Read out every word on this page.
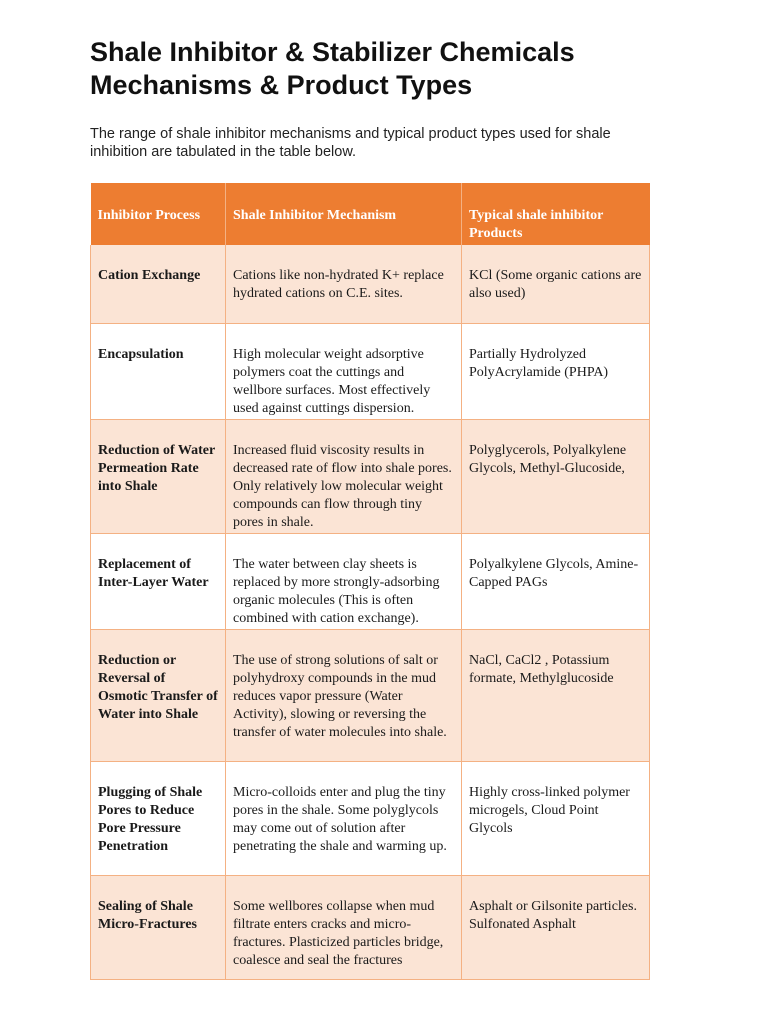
Shale Inhibitor & Stabilizer Chemicals
Mechanisms & Product Types

The range of shale inhibitor mechanisms and typical product types used for shale
inhibition are tabulated in the table below.

Inhibitor Process	Shale Inhibitor Mechanism	Typical shale inhibitor Products
Cation Exchange	Cations like non-hydrated K+ replace hydrated cations on C.E. sites.	KCl (Some organic cations are also used)
Encapsulation	High molecular weight adsorptive polymers coat the cuttings and wellbore surfaces. Most effectively used against cuttings dispersion.	Partially Hydrolyzed PolyAcrylamide (PHPA)
Reduction of Water Permeation Rate into Shale	Increased fluid viscosity results in decreased rate of flow into shale pores. Only relatively low molecular weight compounds can flow through tiny pores in shale.	Polyglycerols, Polyalkylene Glycols, Methyl-Glucoside,
Replacement of Inter-Layer Water	The water between clay sheets is replaced by more strongly-adsorbing organic molecules (This is often combined with cation exchange).	Polyalkylene Glycols, Amine-Capped PAGs
Reduction or Reversal of Osmotic Transfer of Water into Shale	The use of strong solutions of salt or polyhydroxy compounds in the mud reduces vapor pressure (Water Activity), slowing or reversing the transfer of water molecules into shale.	NaCl, CaCl2 , Potassium formate, Methylglucoside
Plugging of Shale Pores to Reduce Pore Pressure Penetration	Micro-colloids enter and plug the tiny pores in the shale. Some polyglycols may come out of solution after penetrating the shale and warming up.	Highly cross-linked polymer microgels, Cloud Point Glycols
Sealing of Shale Micro-Fractures	Some wellbores collapse when mud filtrate enters cracks and micro-fractures. Plasticized particles bridge, coalesce and seal the fractures	Asphalt or Gilsonite particles. Sulfonated Asphalt
